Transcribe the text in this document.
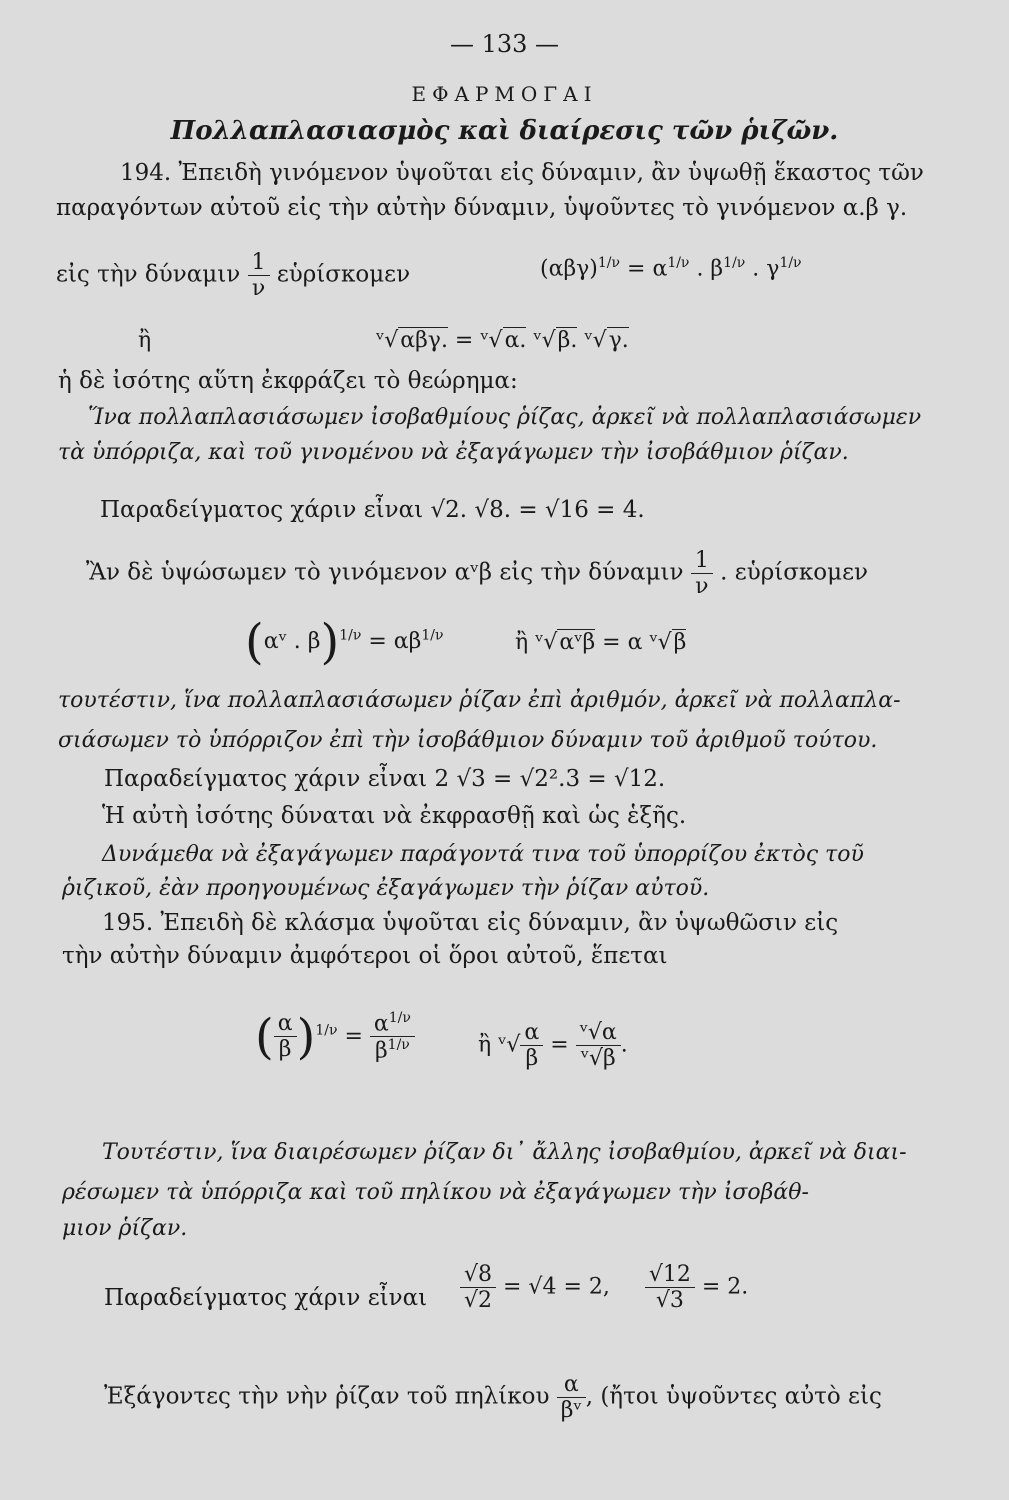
— 133 —
ΕΦΑΡΜΟΓΑΙ
Πολλαπλασιασμὸς καὶ διαίρεσις τῶν ῥιζῶν.
194. Ἐπειδὴ γινόμενον ὑψοῦται εἰς δύναμιν, ἂν ὑψωθῇ ἕκαστος τῶν
παραγόντων αὐτοῦ εἰς τὴν αὐτὴν δύναμιν, ὑψοῦντες τὸ γινόμενον α.β γ.
εἰς τὴν δύναμιν $\frac{1}{\nu}$ εὑρίσκομεν	$(\alpha\beta\gamma)^{1/\nu} = \alpha^{1/\nu}$ . $\beta^{1/\nu}$ . $\gamma^{1/\nu}$
ἢ	ᵛ√αβγ. = ᵛ√α. ᵛ√β. ᵛ√γ.
ἡ δὲ ἰσότης αὕτη ἐκφράζει τὸ θεώρημα:
Ἵνα πολλαπλασιάσωμεν ἰσοβαθμίους ῥίζας, ἀρκεῖ νὰ πολλαπλασιάσωμεν
τὰ ὑπόρριζα, καὶ τοῦ γινομένου νὰ ἐξαγάγωμεν τὴν ἰσοβάθμιον ῥίζαν.
Παραδείγματος χάριν εἶναι √2. √8. = √16 = 4.
Ἂν δὲ ὑψώσωμεν τὸ γινόμενον αᵛβ εἰς τὴν δύναμιν $\frac{1}{\nu}$ . εὑρίσκομεν
(αᵛ . $\beta)^{1/\nu} = \alpha\beta^{1/\nu}$	ἢ ᵛ√αᵛβ = α ᵛ√β
τουτέστιν, ἵνα πολλαπλασιάσωμεν ῥίζαν ἐπὶ ἀριθμόν, ἀρκεῖ νὰ πολλαπλα-
σιάσωμεν τὸ ὑπόρριζον ἐπὶ τὴν ἰσοβάθμιον δύναμιν τοῦ ἀριθμοῦ τούτου.
Παραδείγματος χάριν εἶναι 2 √3 = √2².3 = √12.
Ἡ αὐτὴ ἰσότης δύναται νὰ ἐκφρασθῇ καὶ ὡς ἑξῆς.
Δυνάμεθα νὰ ἐξαγάγωμεν παράγοντά τινα τοῦ ὑπορρίζου ἐκτὸς τοῦ
ῥιζικοῦ, ἐὰν προηγουμένως ἐξαγάγωμεν τὴν ῥίζαν αὐτοῦ.
195. Ἐπειδὴ δὲ κλάσμα ὑψοῦται εἰς δύναμιν, ἂν ὑψωθῶσιν εἰς
τὴν αὐτὴν δύναμιν ἀμφότεροι οἱ ὅροι αὐτοῦ, ἕπεται
( $\frac{\alpha}{\beta} )^{1/\nu} = \frac{\alpha^{1/\nu}}{\beta^{1/\nu}}$	ἢ ᵛ√ $\frac{\alpha}{\beta} = \frac{\text{ᵛ√α}}{\text{ᵛ√β}}$ .
Τουτέστιν, ἵνα διαιρέσωμεν ῥίζαν δι᾽ ἄλλης ἰσοβαθμίου, ἀρκεῖ νὰ διαι-
ρέσωμεν τὰ ὑπόρριζα καὶ τοῦ πηλίκου νὰ ἐξαγάγωμεν τὴν ἰσοβάθ-
μιον ῥίζαν.
Παραδείγματος χάριν εἶναι $\frac{√8}{√2} = √4 = 2$, $\frac{√12}{√3} = 2$.
Ἐξάγοντες τὴν νὴν ῥίζαν τοῦ πηλίκου $\frac{\alpha}{\text{βᵛ}}$ , (ἤτοι ὑψοῦντες αὐτὸ εἰς
